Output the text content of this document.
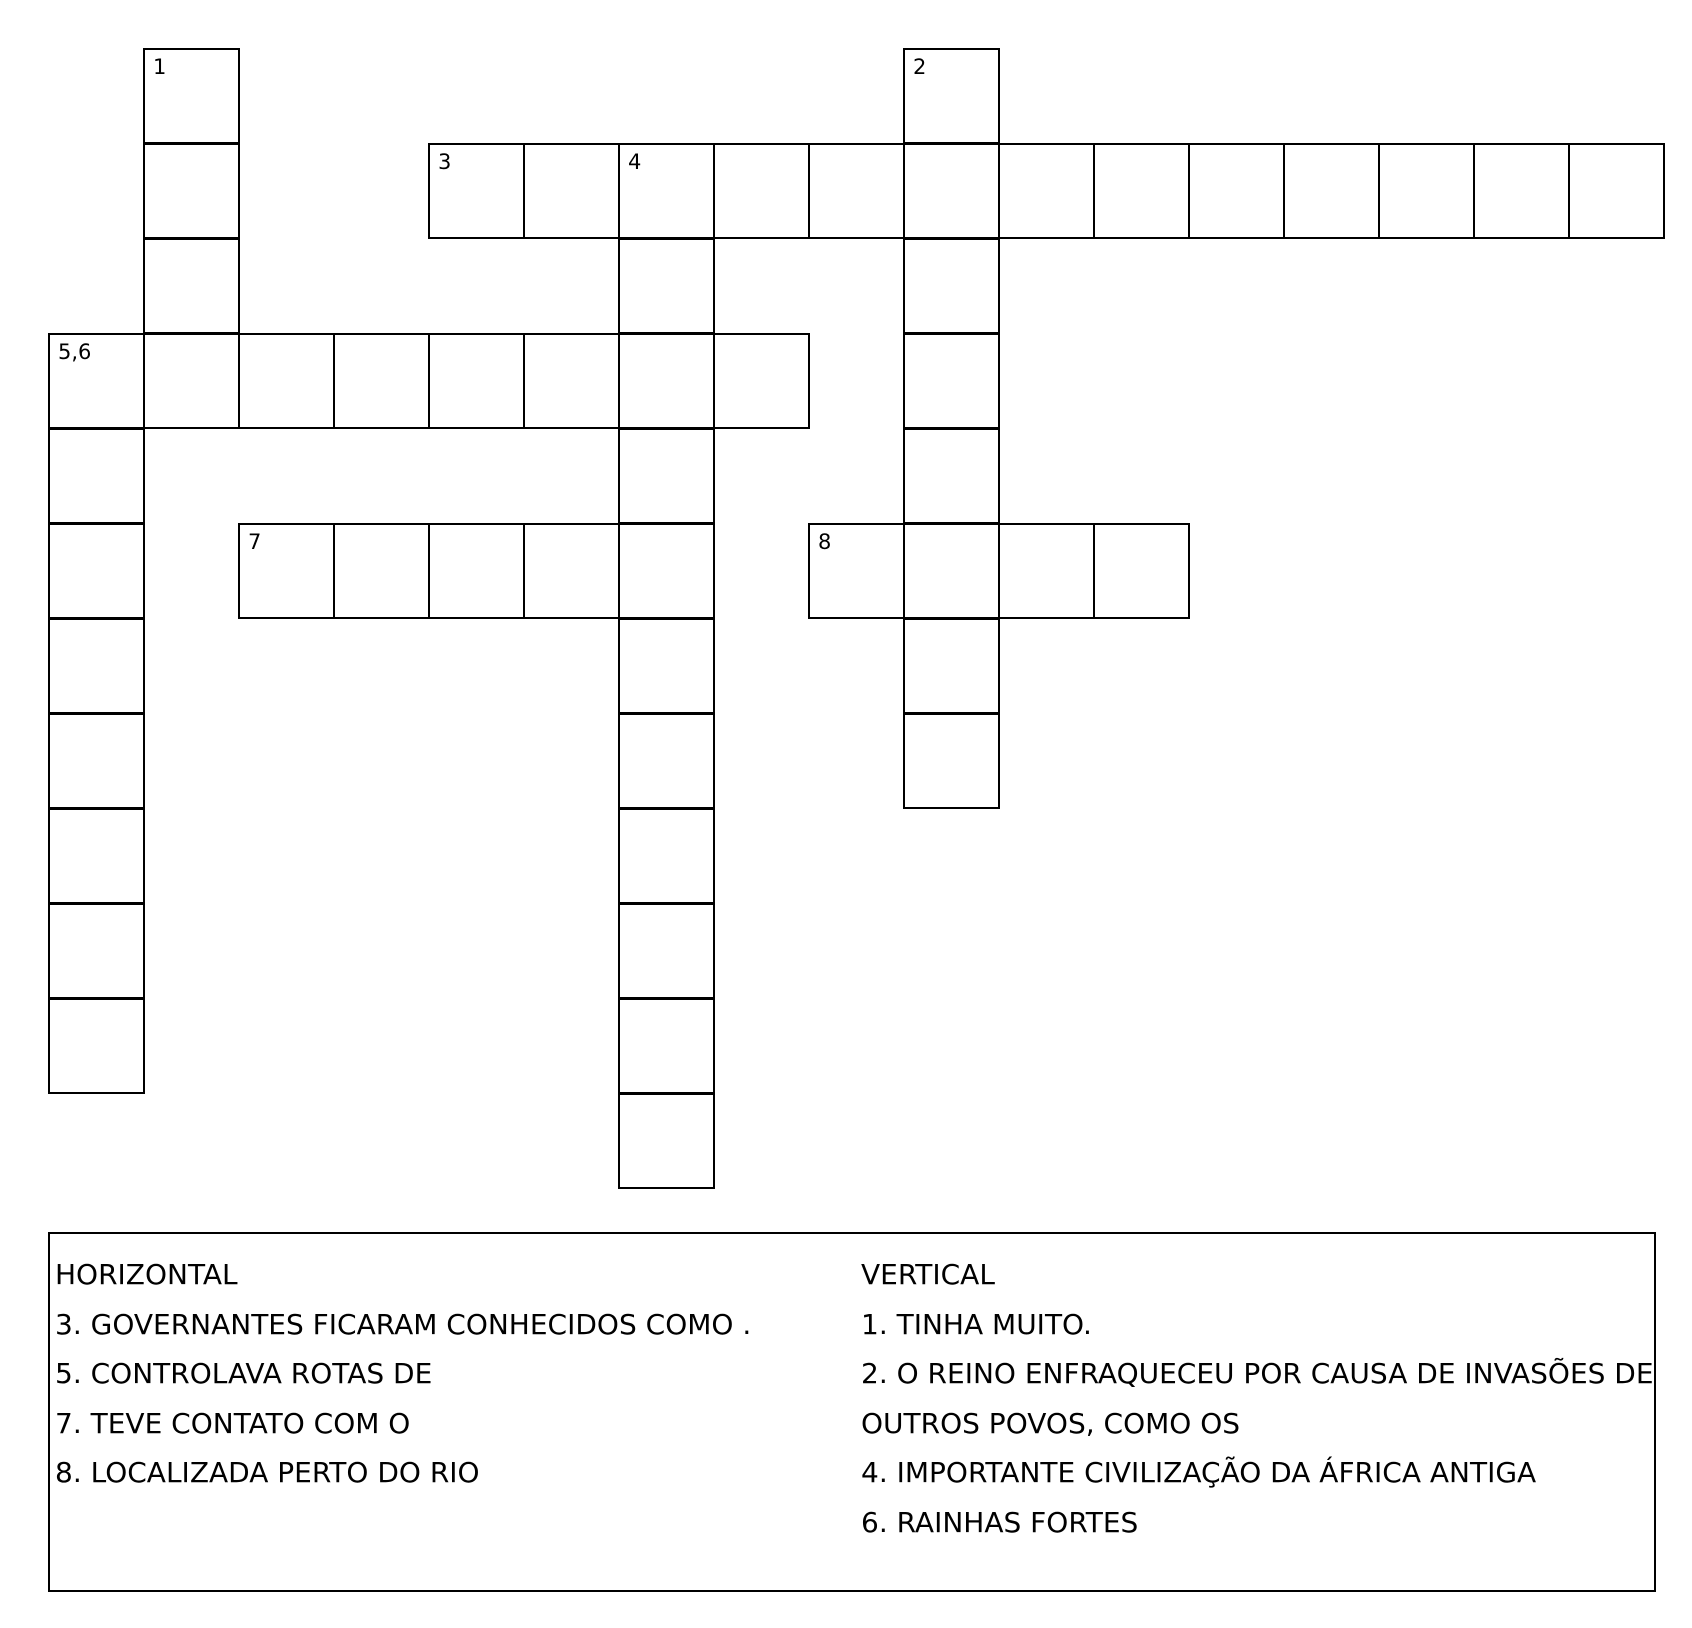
1	2
3	4
5,6
7	8
HORIZONTAL
3. GOVERNANTES FICARAM CONHECIDOS COMO .
5. CONTROLAVA ROTAS DE
7. TEVE CONTATO COM O
8. LOCALIZADA PERTO DO RIO
VERTICAL
1. TINHA MUITO.
2. O REINO ENFRAQUECEU POR CAUSA DE INVASÕES DE
OUTROS POVOS, COMO OS
4. IMPORTANTE CIVILIZAÇÃO DA ÁFRICA ANTIGA
6. RAINHAS FORTES
